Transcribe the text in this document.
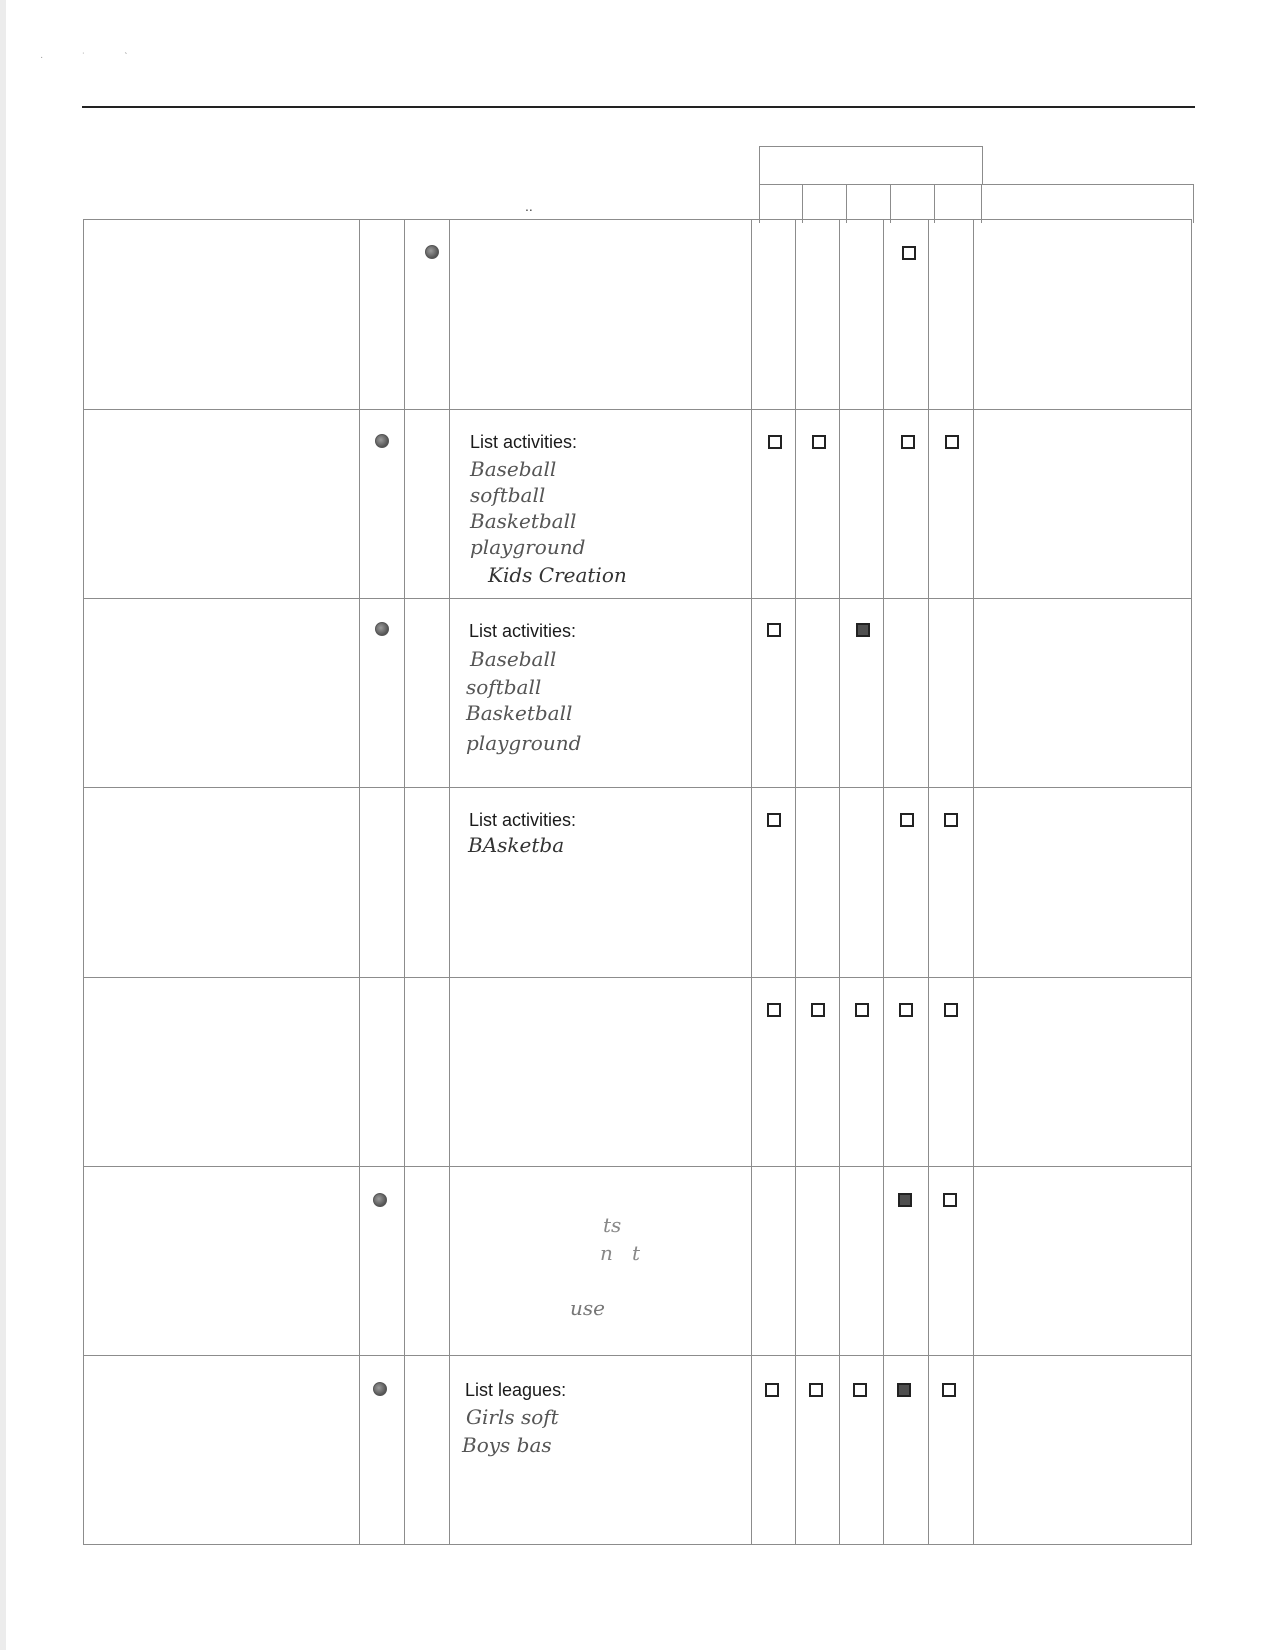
· ˙ ˋ
..
List activities:
Baseball
softball
Basketball
playground
Kids Creation
List activities:
Baseball
softball
Basketball
playground
List activities:
BAsketba
ts
n   t
use
List leagues:
Girls soft
Boys bas
